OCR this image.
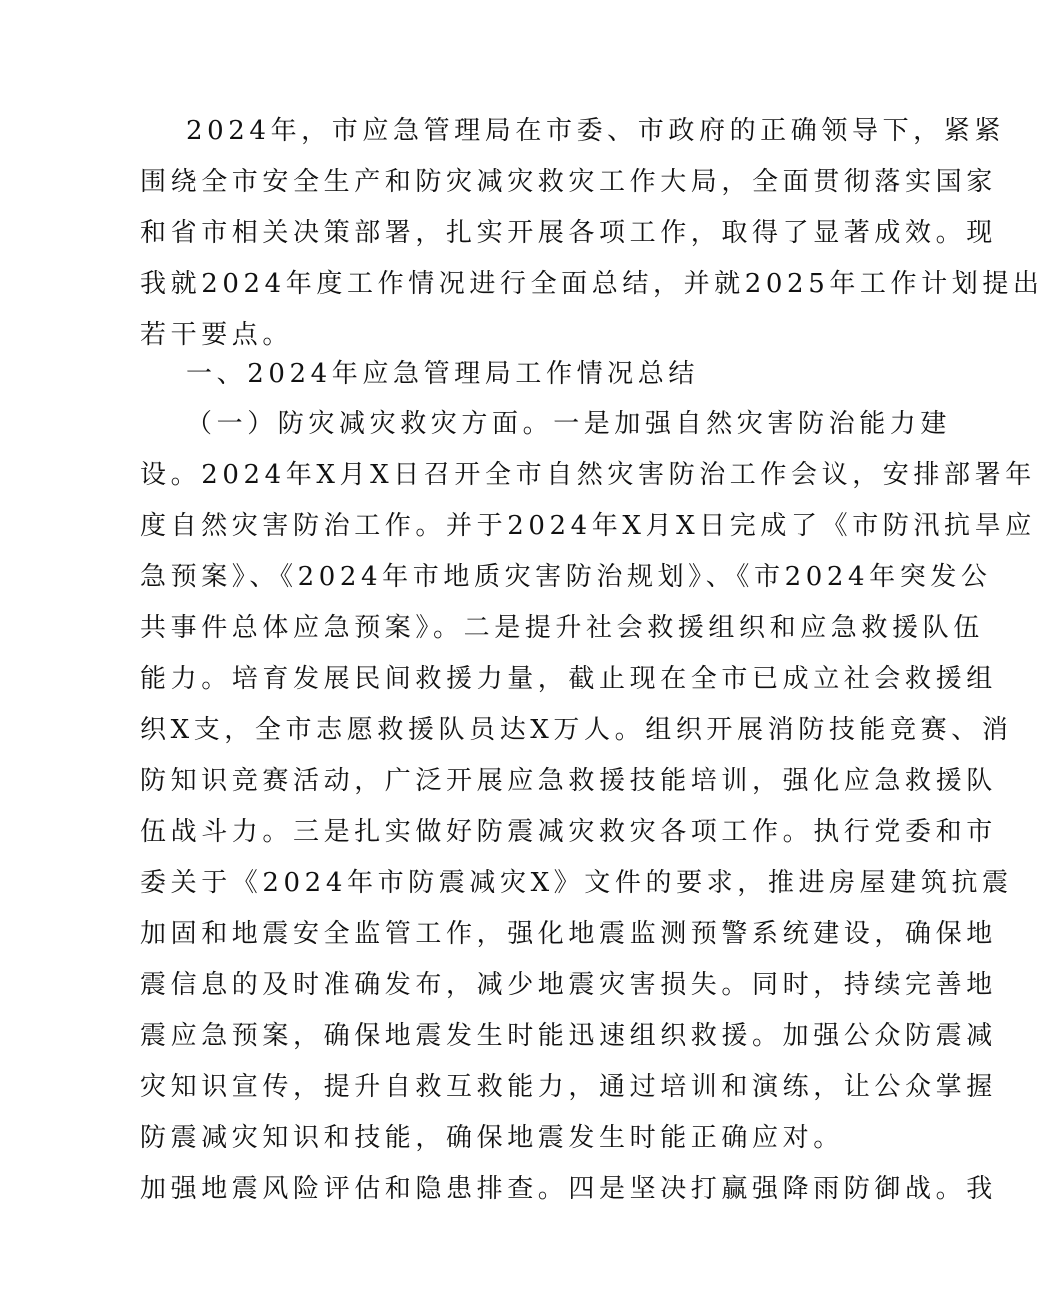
2024年，市应急管理局在市委、市政府的正确领导下，紧紧
围绕全市安全生产和防灾减灾救灾工作大局，全面贯彻落实国家
和省市相关决策部署，扎实开展各项工作，取得了显著成效。现
我就2024年度工作情况进行全面总结，并就2025年工作计划提出
若干要点。
一、2024年应急管理局工作情况总结
（一）防灾减灾救灾方面。一是加强自然灾害防治能力建
设。2024年X月X日召开全市自然灾害防治工作会议，安排部署年
度自然灾害防治工作。并于2024年X月X日完成了《市防汛抗旱应
急预案》、《2024年市地质灾害防治规划》、《市2024年突发公
共事件总体应急预案》。二是提升社会救援组织和应急救援队伍
能力。培育发展民间救援力量，截止现在全市已成立社会救援组
织X支，全市志愿救援队员达X万人。组织开展消防技能竞赛、消
防知识竞赛活动，广泛开展应急救援技能培训，强化应急救援队
伍战斗力。三是扎实做好防震减灾救灾各项工作。执行党委和市
委关于《2024年市防震减灾X》文件的要求，推进房屋建筑抗震
加固和地震安全监管工作，强化地震监测预警系统建设，确保地
震信息的及时准确发布，减少地震灾害损失。同时，持续完善地
震应急预案，确保地震发生时能迅速组织救援。加强公众防震减
灾知识宣传，提升自救互救能力，通过培训和演练，让公众掌握
防震减灾知识和技能，确保地震发生时能正确应对。
加强地震风险评估和隐患排查。四是坚决打赢强降雨防御战。我
